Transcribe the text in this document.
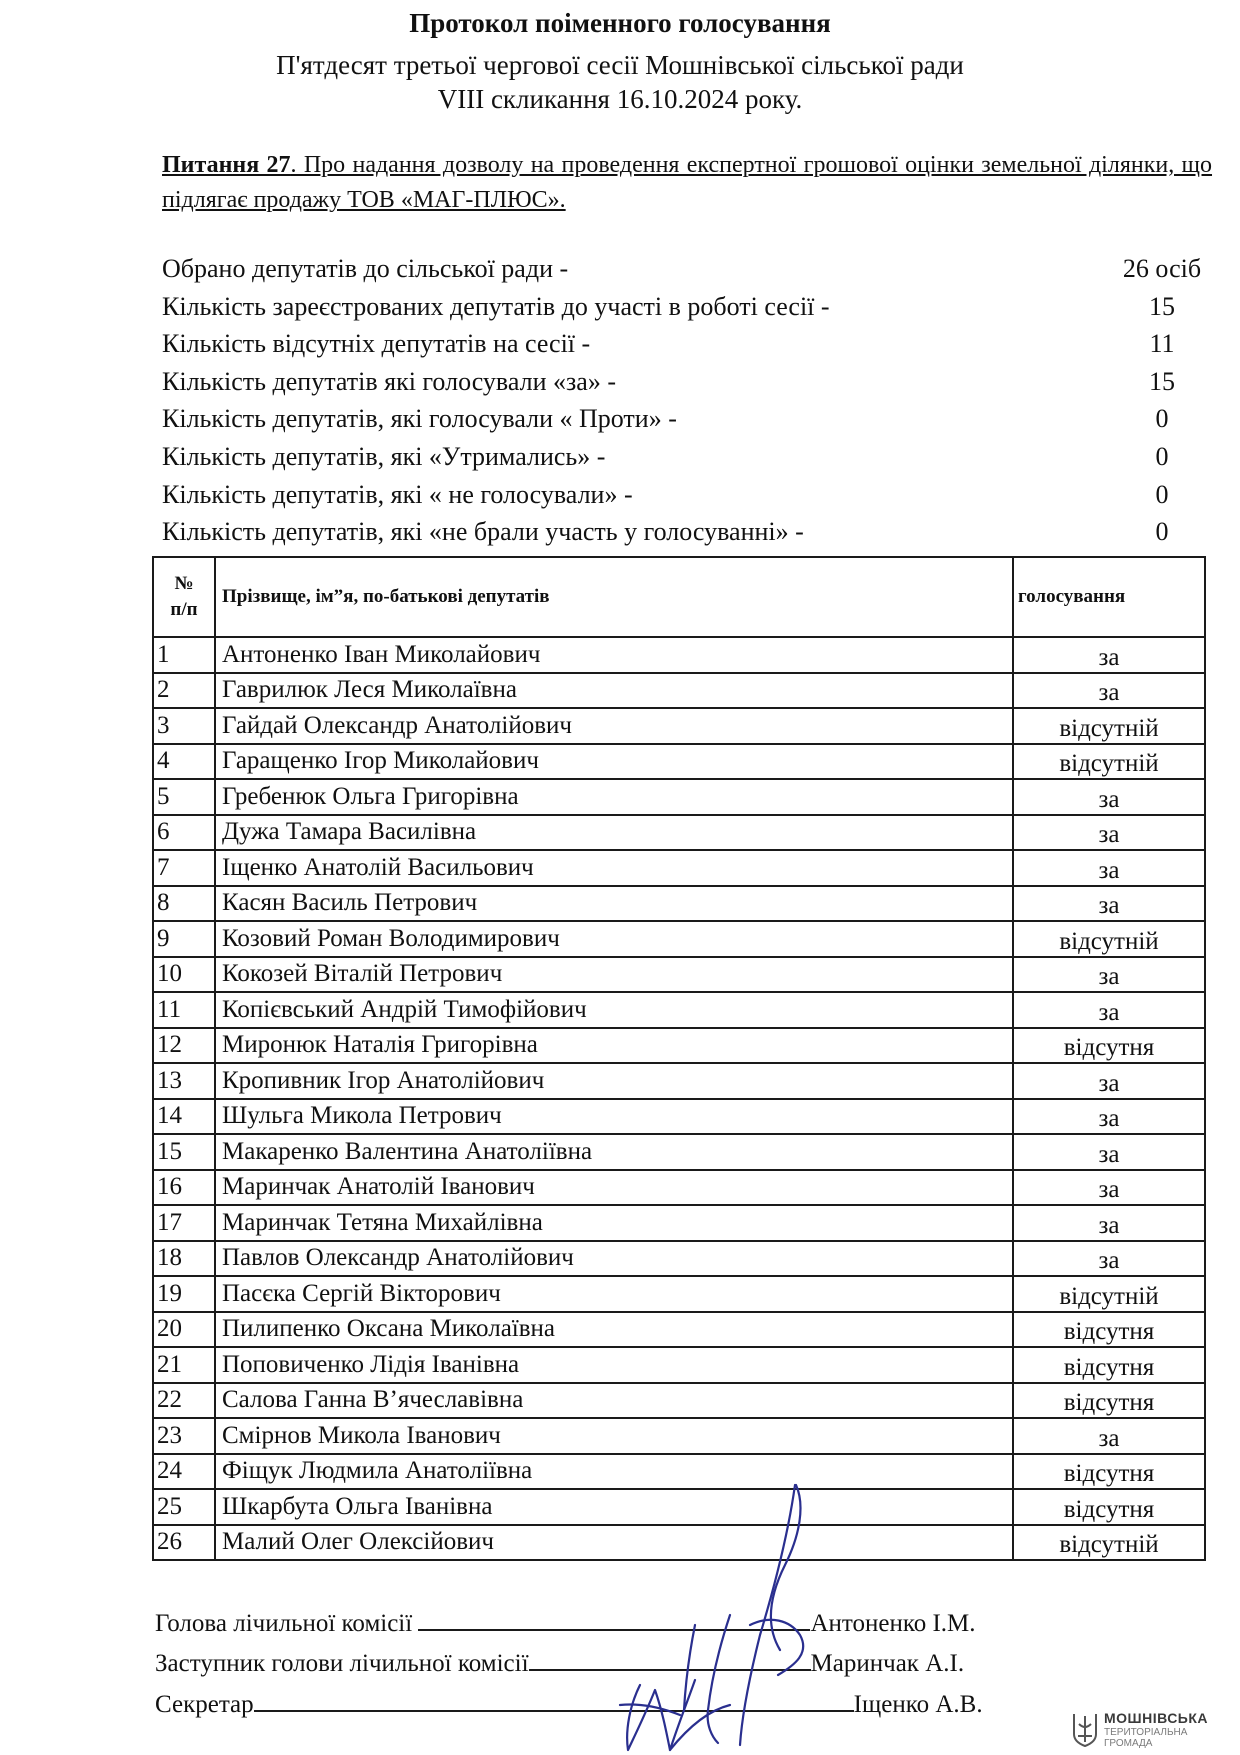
Протокол поіменного голосування
П'ятдесят третьої чергової сесії Мошнівської сільської ради
VIII скликання 16.10.2024 року.
Питання 27. Про надання дозволу на проведення експертної грошової оцінки земельної ділянки, що підлягає продажу ТОВ «МАГ-ПЛЮС».
Обрано депутатів до сільської ради -	26 осіб
Кількість зареєстрованих депутатів до участі в роботі сесії -	15
Кількість відсутніх депутатів на сесії -	11
Кількість депутатів які голосували «за» -	15
Кількість депутатів, які голосували « Проти» -	0
Кількість депутатів, які «Утримались» -	0
Кількість депутатів, які « не голосували» -	0
Кількість депутатів, які «не брали участь у голосуванні» -	0
№
п/п	Прізвище, ім”я, по-батькові депутатів	голосування
1	Антоненко Іван Миколайович	за
2	Гаврилюк Леся Миколаївна	за
3	Гайдай Олександр Анатолійович	відсутній
4	Гаращенко Ігор Миколайович	відсутній
5	Гребенюк Ольга Григорівна	за
6	Дужа Тамара Василівна	за
7	Іщенко Анатолій Васильович	за
8	Касян Василь Петрович	за
9	Козовий Роман Володимирович	відсутній
10	Кокозей Віталій Петрович	за
11	Копієвський Андрій Тимофійович	за
12	Миронюк Наталія Григорівна	відсутня
13	Кропивник Ігор Анатолійович	за
14	Шульга Микола Петрович	за
15	Макаренко Валентина Анатоліївна	за
16	Маринчак Анатолій Іванович	за
17	Маринчак Тетяна Михайлівна	за
18	Павлов Олександр Анатолійович	за
19	Пасєка Сергій Вікторович	відсутній
20	Пилипенко Оксана Миколаївна	відсутня
21	Поповиченко Лідія Іванівна	відсутня
22	Салова Ганна В’ячеславівна	відсутня
23	Смірнов Микола Іванович	за
24	Фіщук Людмила Анатоліївна	відсутня
25	Шкарбута Ольга Іванівна	відсутня
26	Малий Олег Олексійович	відсутній
Голова лічильної комісії	Антоненко І.М.
Заступник голови лічильної комісії	Маринчак А.І.
Секретар	Іщенко А.В.	МОШНІВСЬКА
ТЕРИТОРІАЛЬНА
ГРОМАДА
